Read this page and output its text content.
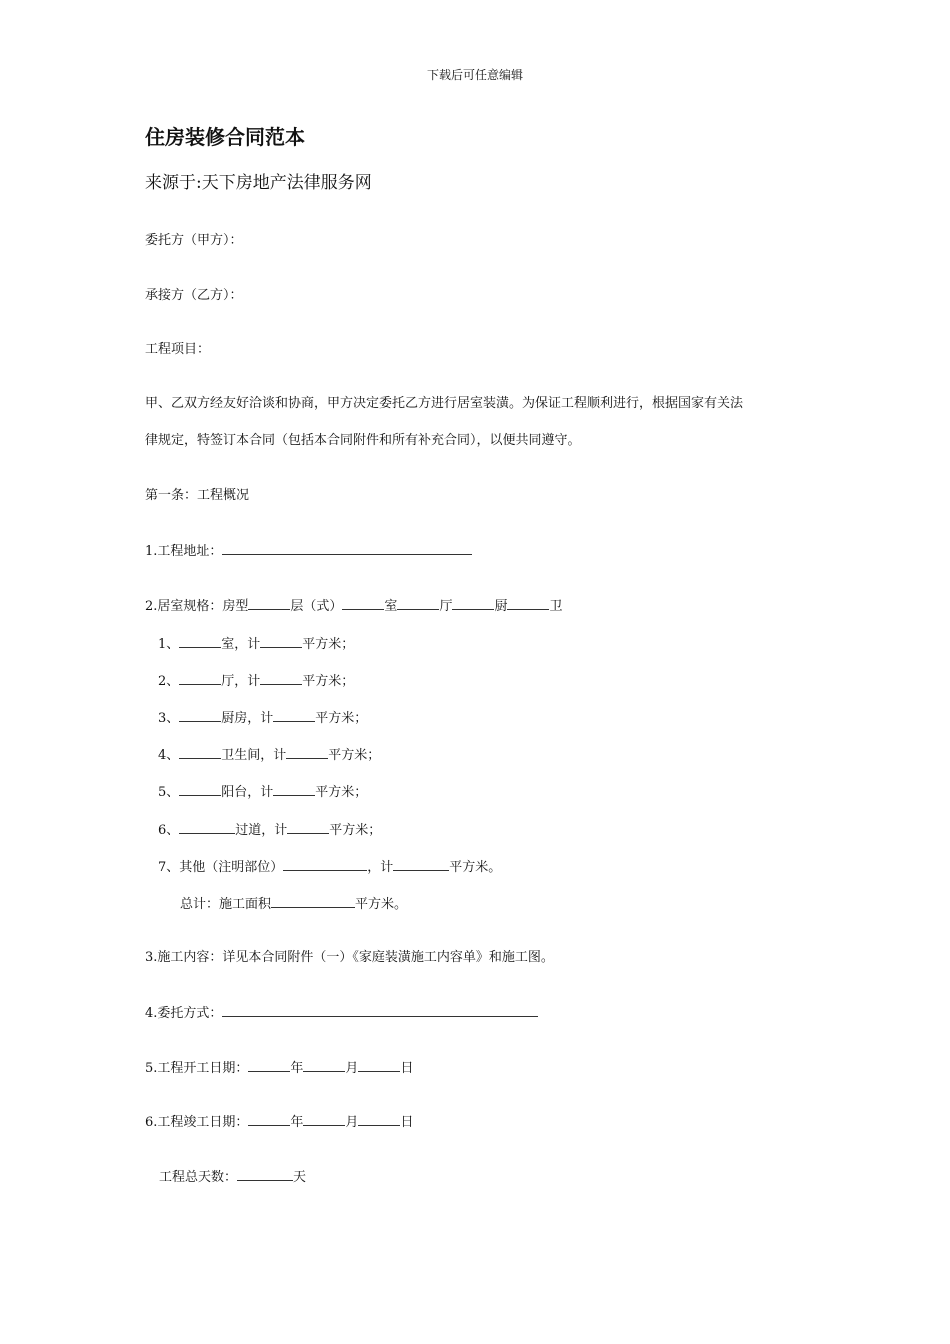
下载后可任意编辑
住房装修合同范本
来源于:天下房地产法律服务网
委托方（甲方）：
承接方（乙方）：
工程项目：
甲、乙双方经友好洽谈和协商，甲方决定委托乙方进行居室装潢。为保证工程顺利进行，根据国家有关法
律规定，特签订本合同（包括本合同附件和所有补充合同），以便共同遵守。
第一条：工程概况
1.工程地址：
2.居室规格：房型	层（式）	室	厅	厨	卫
1、	室，计	平方米；
2、	厅，计	平方米；
3、	厨房，计	平方米；
4、	卫生间，计	平方米；
5、	阳台，计	平方米；
6、	过道，计	平方米；
7、其他（注明部位）	，计	平方米。
总计：施工面积	平方米。
3.施工内容：详见本合同附件（一）《家庭装潢施工内容单》和施工图。
4.委托方式：
5.工程开工日期：	年	月	日
6.工程竣工日期：	年	月	日
工程总天数：	天
